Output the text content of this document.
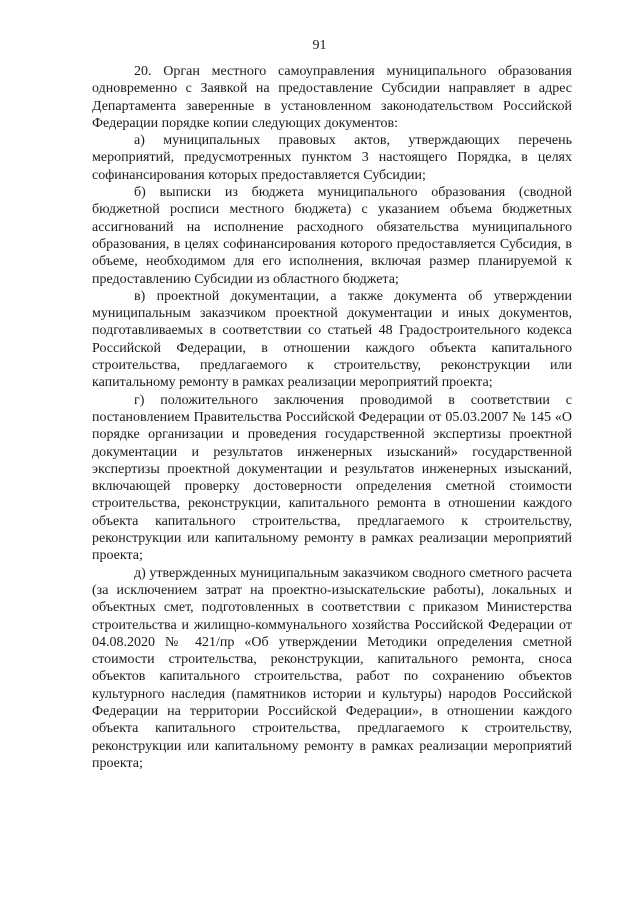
91

20. Орган местного самоуправления муниципального образования одновременно с Заявкой на предоставление Субсидии направляет в адрес Департамента заверенные в установленном законодательством Российской Федерации порядке копии следующих документов:

а) муниципальных правовых актов, утверждающих перечень мероприятий, предусмотренных пунктом 3 настоящего Порядка, в целях софинансирования которых предоставляется Субсидии;

б) выписки из бюджета муниципального образования (сводной бюджетной росписи местного бюджета) с указанием объема бюджетных ассигнований на исполнение расходного обязательства муниципального образования, в целях софинансирования которого предоставляется Субсидия, в объеме, необходимом для его исполнения, включая размер планируемой к предоставлению Субсидии из областного бюджета;

в) проектной документации, а также документа об утверждении муниципальным заказчиком проектной документации и иных документов, подготавливаемых в соответствии со статьей 48 Градостроительного кодекса Российской Федерации, в отношении каждого объекта капитального строительства, предлагаемого к строительству, реконструкции или капитальному ремонту в рамках реализации мероприятий проекта;

г) положительного заключения проводимой в соответствии с постановлением Правительства Российской Федерации от 05.03.2007 № 145 «О порядке организации и проведения государственной экспертизы проектной документации и результатов инженерных изысканий» государственной экспертизы проектной документации и результатов инженерных изысканий, включающей проверку достоверности определения сметной стоимости строительства, реконструкции, капитального ремонта в отношении каждого объекта капитального строительства, предлагаемого к строительству, реконструкции или капитальному ремонту в рамках реализации мероприятий проекта;

д) утвержденных муниципальным заказчиком сводного сметного расчета (за исключением затрат на проектно-изыскательские работы), локальных и объектных смет, подготовленных в соответствии с приказом Министерства строительства и жилищно-коммунального хозяйства Российской Федерации от 04.08.2020 № 421/пр «Об утверждении Методики определения сметной стоимости строительства, реконструкции, капитального ремонта, сноса объектов капитального строительства, работ по сохранению объектов культурного наследия (памятников истории и культуры) народов Российской Федерации на территории Российской Федерации», в отношении каждого объекта капитального строительства, предлагаемого к строительству, реконструкции или капитальному ремонту в рамках реализации мероприятий проекта;
